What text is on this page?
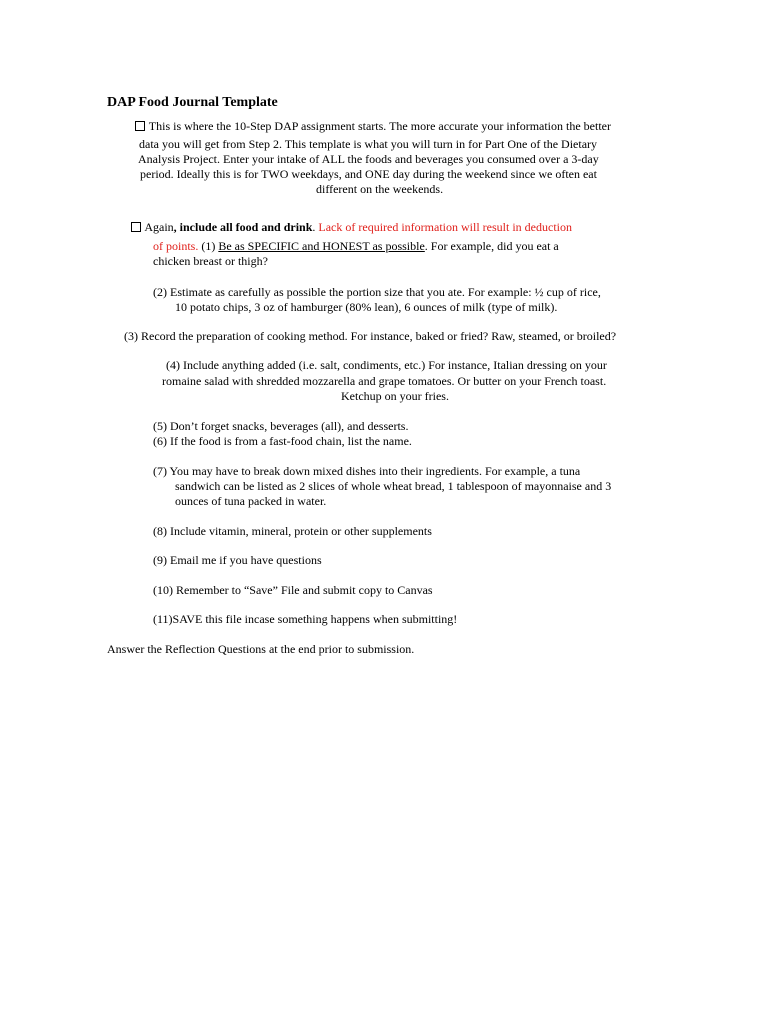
DAP Food Journal Template
This is where the 10-Step DAP assignment starts. The more accurate your information the better
data you will get from Step 2. This template is what you will turn in for Part One of the Dietary
Analysis Project. Enter your intake of ALL the foods and beverages you consumed over a 3-day
period. Ideally this is for TWO weekdays, and ONE day during the weekend since we often eat
different on the weekends.
Again, include all food and drink. Lack of required information will result in deduction
of points. (1) Be as SPECIFIC and HONEST as possible. For example, did you eat a
chicken breast or thigh?
(2) Estimate as carefully as possible the portion size that you ate. For example: ½ cup of rice,
10 potato chips, 3 oz of hamburger (80% lean), 6 ounces of milk (type of milk).
(3) Record the preparation of cooking method. For instance, baked or fried? Raw, steamed, or broiled?
(4) Include anything added (i.e. salt, condiments, etc.) For instance, Italian dressing on your
romaine salad with shredded mozzarella and grape tomatoes. Or butter on your French toast.
Ketchup on your fries.
(5) Don’t forget snacks, beverages (all), and desserts.
(6) If the food is from a fast-food chain, list the name.
(7) You may have to break down mixed dishes into their ingredients. For example, a tuna
sandwich can be listed as 2 slices of whole wheat bread, 1 tablespoon of mayonnaise and 3
ounces of tuna packed in water.
(8) Include vitamin, mineral, protein or other supplements
(9) Email me if you have questions
(10) Remember to “Save” File and submit copy to Canvas
(11)SAVE this file incase something happens when submitting!
Answer the Reflection Questions at the end prior to submission.
